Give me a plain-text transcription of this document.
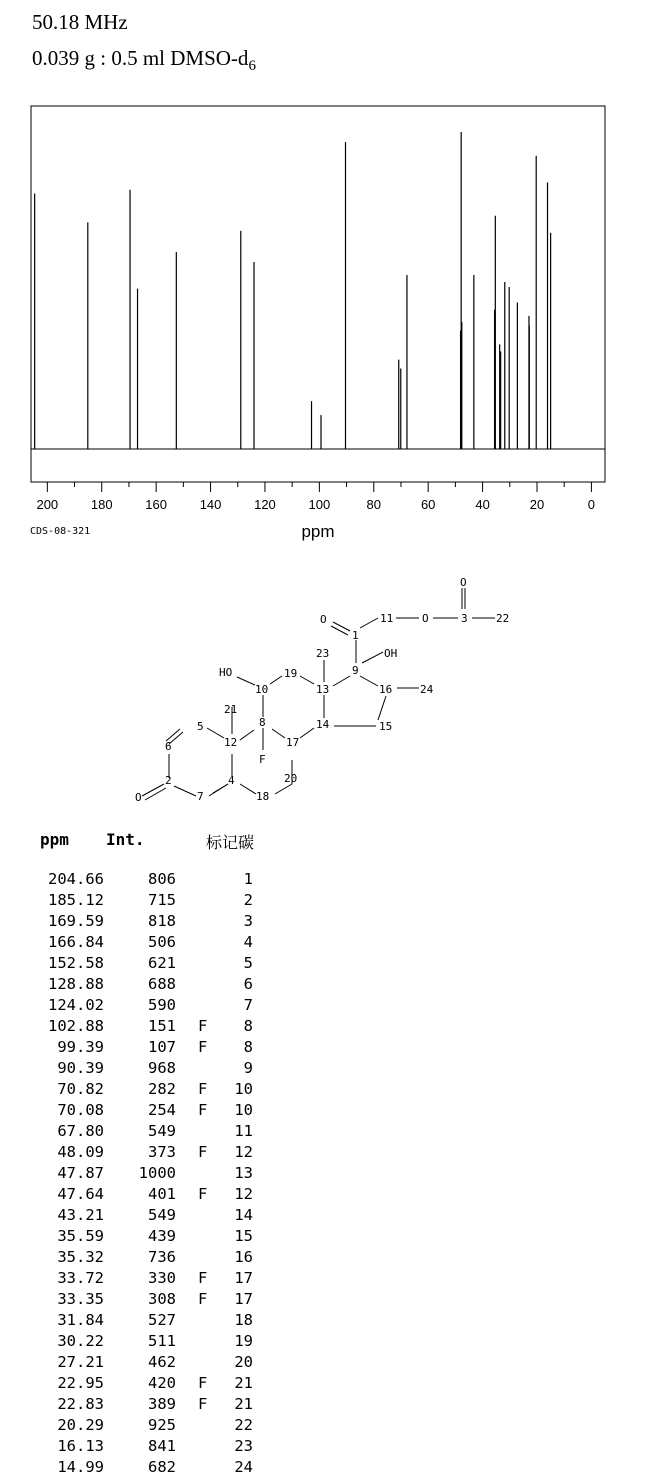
50.18 MHz
0.039 g : 0.5 ml DMSO-$d_6$
200	180	160	140	120	100	80	60	40	20	0
ppm
CDS-08-321
O
1
11	O	3
O	22
OH
9
23
HO
10
19
13	16	24
21
5	8	14	15
6	12	17
F
20
O
2
7
4
18
ppm Int.	标记碳
204.66	806	1
185.12	715	2
169.59	818	3
166.84	506	4
152.58	621	5
128.88	688	6
124.02	590	7
102.88	151 F	8
99.39	107 F	8
90.39	968	9
70.82	282 F	10
70.08	254 F	10
67.80	549	11
48.09	373 F	12
47.87	1000	13
47.64	401 F	12
43.21	549	14
35.59	439	15
35.32	736	16
33.72	330 F	17
33.35	308 F	17
31.84	527	18
30.22	511	19
27.21	462	20
22.95	420 F	21
22.83	389 F	21
20.29	925	22
16.13	841	23
14.99	682	24
